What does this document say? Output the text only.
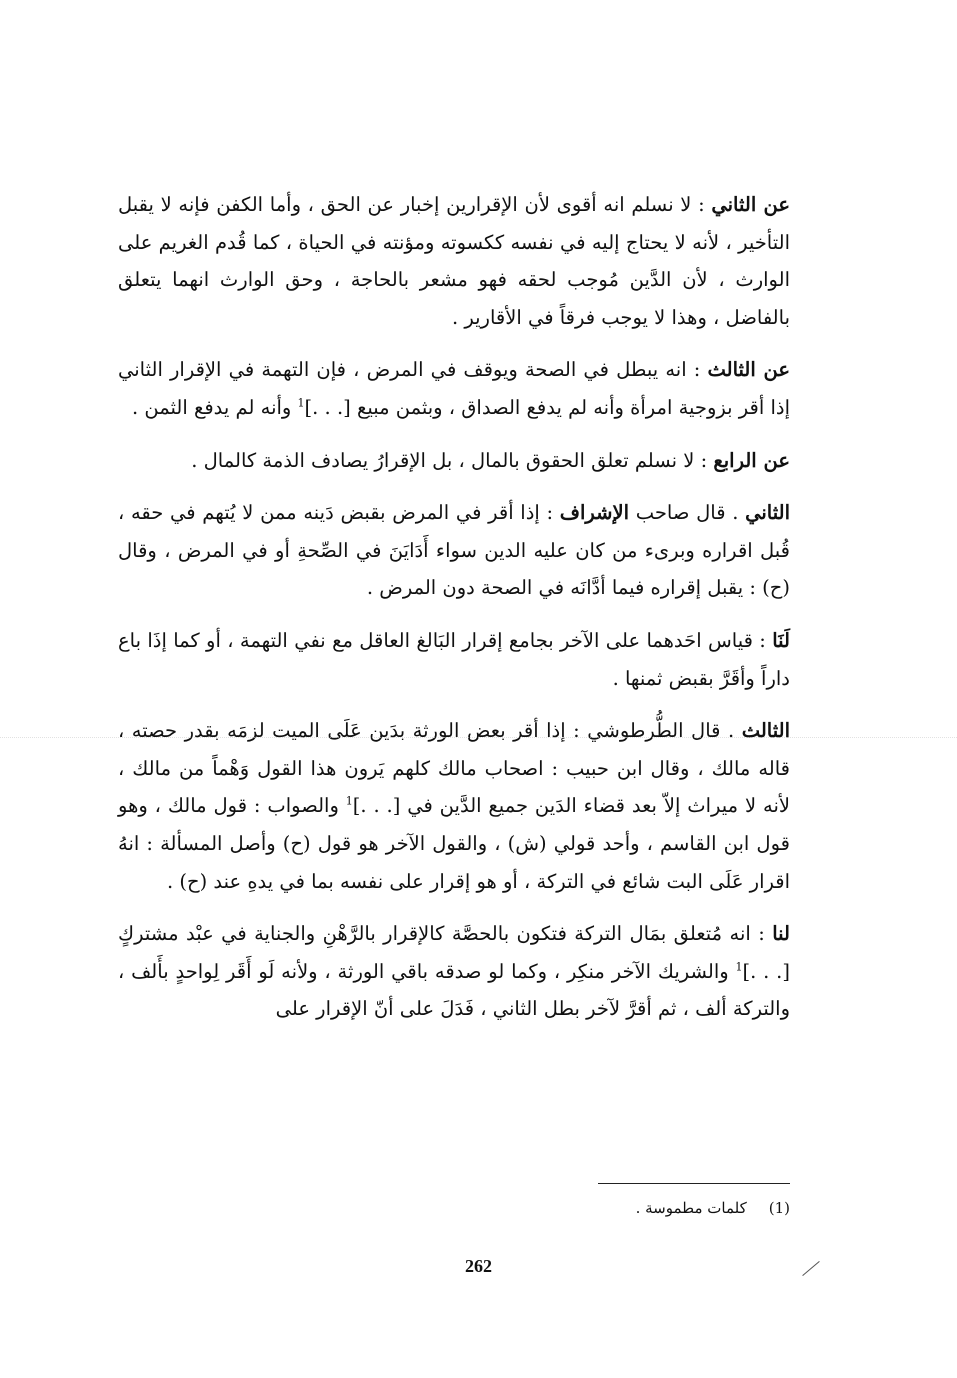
عن الثاني : لا نسلم انه أقوى لأن الإقرارين إخبار عن الحق ، وأما الكفن فإنه لا يقبل التأخير ، لأنه لا يحتاج إليه في نفسه ككسوته ومؤنته في الحياة ، كما قُدم الغريم على الوارث ، لأن الدَّين مُوجب لحقه فهو مشعر بالحاجة ، وحق الوارث انهما يتعلق بالفاضل ، وهذا لا يوجب فرقاً في الأقارير .

عن الثالث : انه يبطل في الصحة ويوقف في المرض ، فإن التهمة في الإقرار الثاني إذا أقر بزوجية امرأة وأنه لم يدفع الصداق ، وبثمن مبيع [. . .]$^1$ وأنه لم يدفع الثمن .

عن الرابع : لا نسلم تعلق الحقوق بالمال ، بل الإقرارُ يصادف الذمة كالمال .

الثاني . قال صاحب الإشراف : إذا أقر في المرض بقبض دَينه ممن لا يُتهم في حقه ، قُبل اقراره وبرىء من كان عليه الدين سواء أَدَايَنَ في الصِّحةِ أو في المرض ، وقال (ح) : يقبل إقراره فيما أدَّانَه في الصحة دون المرض .

لَنَا : قياس احَدهما على الآخر بجامع إقرار البَالغ العاقل مع نفي التهمة ، أو كما إذَا باع داراً وأقَرَّ بقبض ثمنها .

الثالث . قال الطُّرطوشي : إذا أقر بعض الورثة بدَين عَلَى الميت لزمَه بقدر حصته ، قاله مالك ، وقال ابن حبيب : اصحاب مالك كلهم يَرون هذا القول وَهْماً من مالك ، لأنه لا ميراث إلاّ بعد قضاء الدَين جميع الدَّين في [. . .]$^1$ والصواب : قول مالك ، وهو قول ابن القاسم ، وأحد قولي (ش) ، والقول الآخر هو قول (ح) وأصل المسألة : انهُ اقرار عَلَى البت شائع في التركة ، أو هو إقرار على نفسه بما في يدهِ عند (ح) .

لنا : انه مُتعلق بمَال التركة فتكون بالحصَّة كالإقرار بالرَّهْنِ والجناية في عبْد مشتركٍ [. . .]$^1$ والشريك الآخر منكِر ، وكما لو صدقه باقي الورثة ، ولأنه لَو أَقَر لِواحدٍ بأَلف ، والتركة ألف ، ثم أقرَّ لآخر بطل الثاني ، فَدَلَ على أنّ الإقرار على

(1)كلمات مطموسة .
262
